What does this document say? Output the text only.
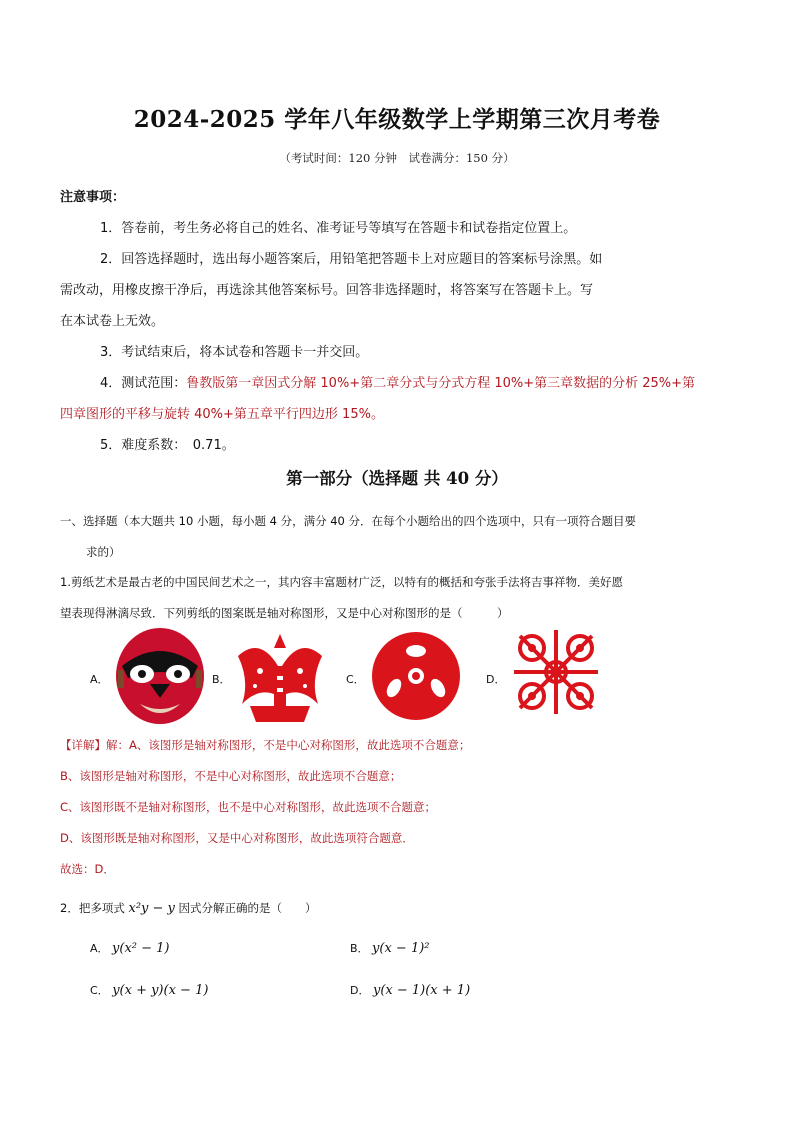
2024-2025 学年八年级数学上学期第三次月考卷
（考试时间：120 分钟　试卷满分：150 分）
注意事项：
1．答卷前，考生务必将自己的姓名、准考证号等填写在答题卡和试卷指定位置上。
2．回答选择题时，选出每小题答案后，用铅笔把答题卡上对应题目的答案标号涂黑。如
需改动，用橡皮擦干净后，再选涂其他答案标号。回答非选择题时，将答案写在答题卡上。写
在本试卷上无效。
3．考试结束后，将本试卷和答题卡一并交回。
4．测试范围：鲁教版第一章因式分解 10%+第二章分式与分式方程 10%+第三章数据的分析 25%+第
四章图形的平移与旋转 40%+第五章平行四边形 15%。
5．难度系数：　0.71。
第一部分（选择题 共 40 分）
一、选择题（本大题共 10 小题，每小题 4 分，满分 40 分．在每个小题给出的四个选项中，只有一项符合题目要
求的）
1.剪纸艺术是最古老的中国民间艺术之一，其内容丰富题材广泛，以特有的概括和夸张手法将吉事祥物．美好愿
望表现得淋漓尽致．下列剪纸的图案既是轴对称图形，又是中心对称图形的是（　　　）
A．	B．	C．	D．
【详解】解：A、该图形是轴对称图形，不是中心对称图形，故此选项不合题意；
B、该图形是轴对称图形，不是中心对称图形，故此选项不合题意；
C、该图形既不是轴对称图形，也不是中心对称图形，故此选项不合题意；
D、该图形既是轴对称图形，又是中心对称图形，故此选项符合题意．
故选：D．
2．把多项式 x²y − y 因式分解正确的是（　　）
A． y(x² − 1)	B． y(x − 1)²
C． y(x + y)(x − 1)	D． y(x − 1)(x + 1)
